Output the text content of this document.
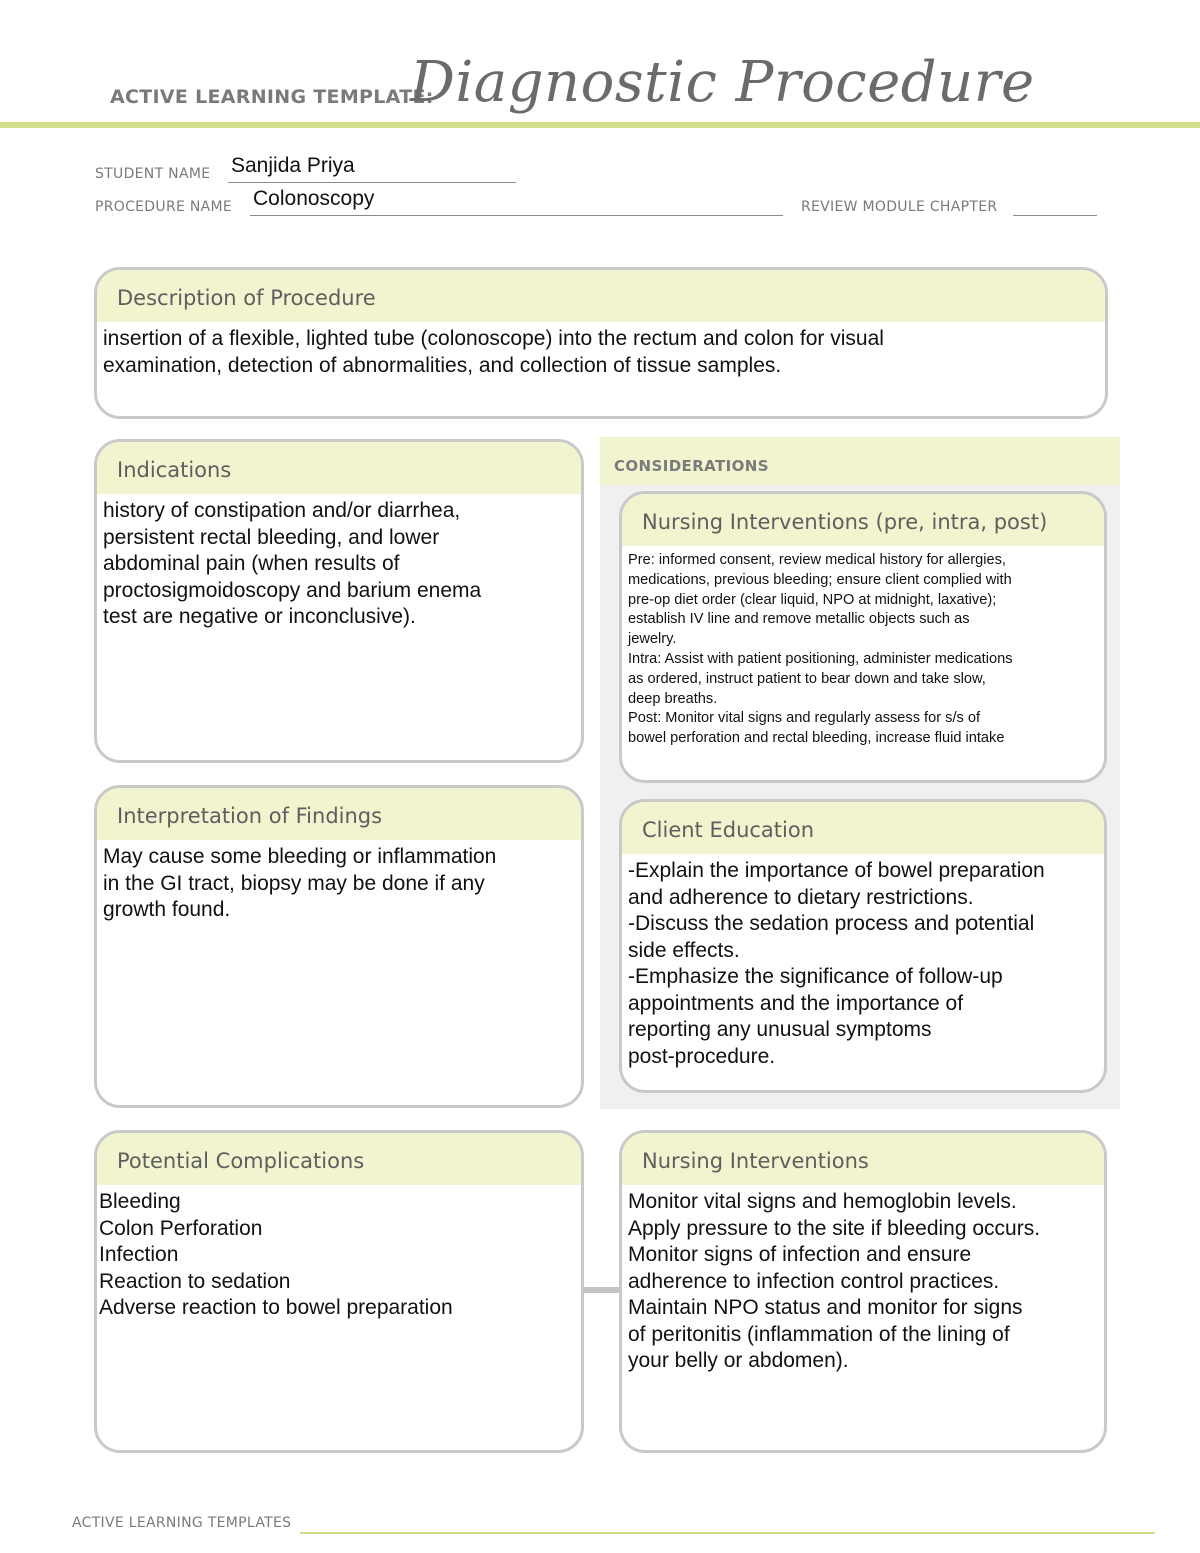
ACTIVE LEARNING TEMPLATE:
Diagnostic Procedure
STUDENT NAME Sanjida Priya
PROCEDURE NAME Colonoscopy	REVIEW MODULE CHAPTER
Description of Procedure
insertion of a flexible, lighted tube (colonoscope) into the rectum and colon for visual
examination, detection of abnormalities, and collection of tissue samples.
CONSIDERATIONS
Indications
history of constipation and/or diarrhea,
persistent rectal bleeding, and lower
abdominal pain (when results of
proctosigmoidoscopy and barium enema
test are negative or inconclusive).
Nursing Interventions (pre, intra, post)
Pre: informed consent, review medical history for allergies,
medications, previous bleeding; ensure client complied with
pre-op diet order (clear liquid, NPO at midnight, laxative);
establish IV line and remove metallic objects such as
jewelry.
Intra: Assist with patient positioning, administer medications
as ordered, instruct patient to bear down and take slow,
deep breaths.
Post: Monitor vital signs and regularly assess for s/s of
bowel perforation and rectal bleeding, increase fluid intake
Interpretation of Findings
May cause some bleeding or inflammation
in the GI tract, biopsy may be done if any
growth found.
Client Education
-Explain the importance of bowel preparation
and adherence to dietary restrictions.
-Discuss the sedation process and potential
side effects.
-Emphasize the significance of follow-up
appointments and the importance of
reporting any unusual symptoms
post-procedure.
Potential Complications
Bleeding
Colon Perforation
Infection
Reaction to sedation
Adverse reaction to bowel preparation
Nursing Interventions
Monitor vital signs and hemoglobin levels.
Apply pressure to the site if bleeding occurs.
Monitor signs of infection and ensure
adherence to infection control practices.
Maintain NPO status and monitor for signs
of peritonitis (inflammation of the lining of
your belly or abdomen).
ACTIVE LEARNING TEMPLATES
